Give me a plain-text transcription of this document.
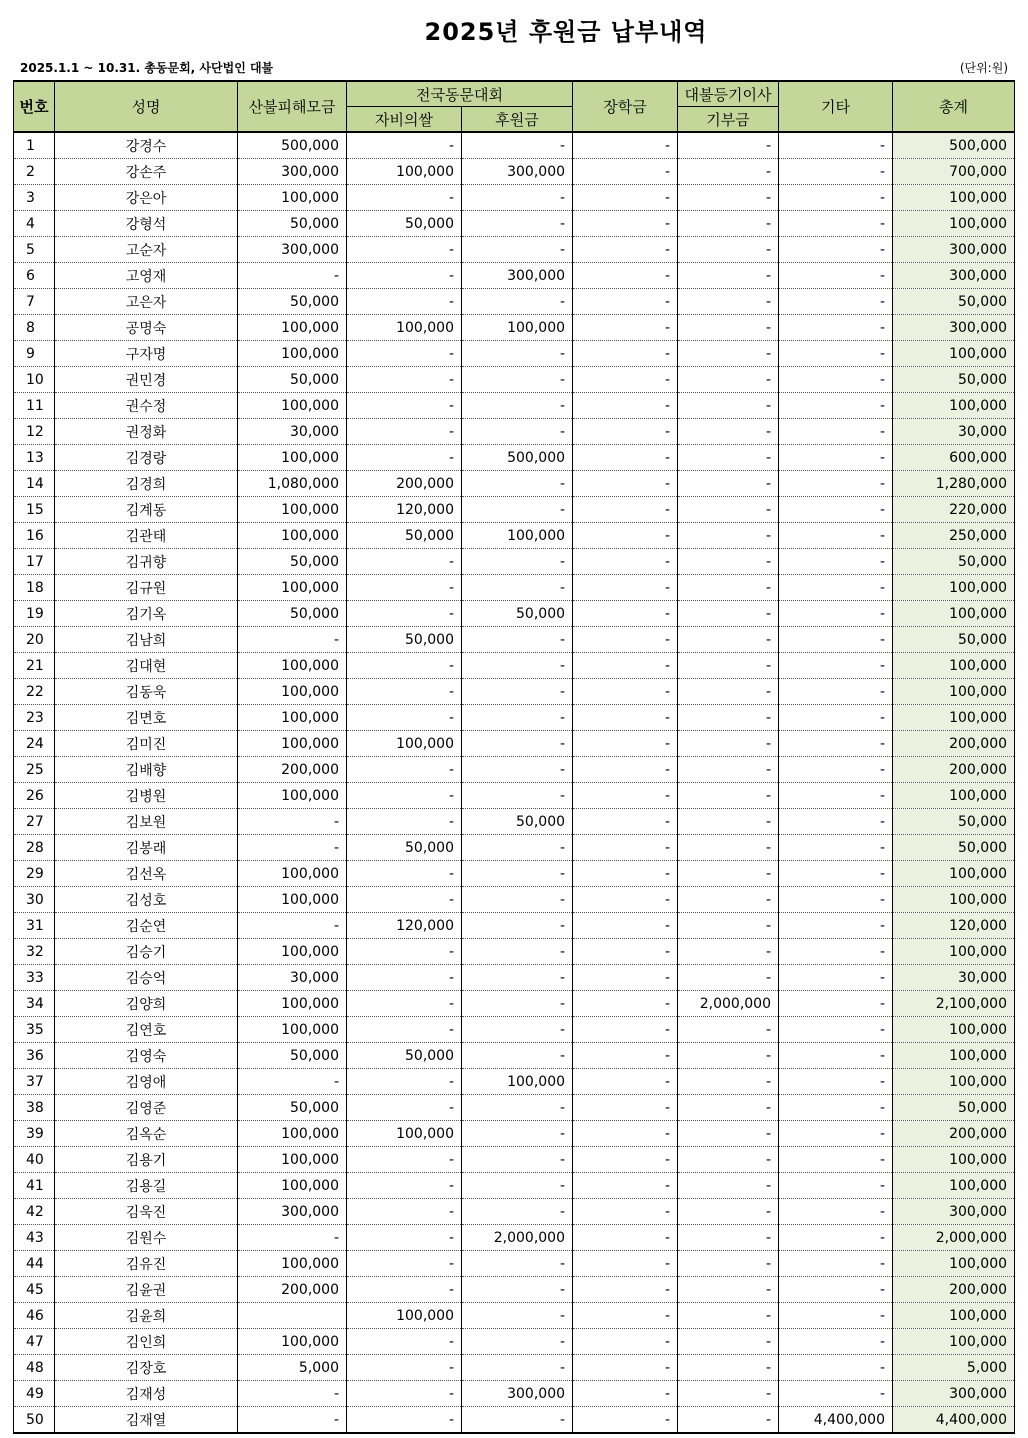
2025년 후원금 납부내역
2025.1.1 ~ 10.31. 총동문회, 사단법인 대불	(단위:원)
번호	성명	산불피해모금	전국동문대회		장학금	대불등기이사	기타	총계
			자비의쌀	후원금		기부금		
1	강경수	500,000	-	-	-	-	-	500,000
2	강손주	300,000	100,000	300,000	-	-	-	700,000
3	강은아	100,000	-	-	-	-	-	100,000
4	강형석	50,000	50,000	-	-	-	-	100,000
5	고순자	300,000	-	-	-	-	-	300,000
6	고영재	-	-	300,000	-	-	-	300,000
7	고은자	50,000	-	-	-	-	-	50,000
8	공명숙	100,000	100,000	100,000	-	-	-	300,000
9	구자명	100,000	-	-	-	-	-	100,000
10	권민경	50,000	-	-	-	-	-	50,000
11	권수정	100,000	-	-	-	-	-	100,000
12	권정화	30,000	-	-	-	-	-	30,000
13	김경랑	100,000	-	500,000	-	-	-	600,000
14	김경희	1,080,000	200,000	-	-	-	-	1,280,000
15	김계동	100,000	120,000	-	-	-	-	220,000
16	김관태	100,000	50,000	100,000	-	-	-	250,000
17	김귀향	50,000	-	-	-	-	-	50,000
18	김규원	100,000	-	-	-	-	-	100,000
19	김기옥	50,000	-	50,000	-	-	-	100,000
20	김남희	-	50,000	-	-	-	-	50,000
21	김대현	100,000	-	-	-	-	-	100,000
22	김동욱	100,000	-	-	-	-	-	100,000
23	김면호	100,000	-	-	-	-	-	100,000
24	김미진	100,000	100,000	-	-	-	-	200,000
25	김배향	200,000	-	-	-	-	-	200,000
26	김병원	100,000	-	-	-	-	-	100,000
27	김보원	-	-	50,000	-	-	-	50,000
28	김봉래	-	50,000	-	-	-	-	50,000
29	김선옥	100,000	-	-	-	-	-	100,000
30	김성호	100,000	-	-	-	-	-	100,000
31	김순연	-	120,000	-	-	-	-	120,000
32	김승기	100,000	-	-	-	-	-	100,000
33	김승억	30,000	-	-	-	-	-	30,000
34	김양희	100,000	-	-	-	2,000,000	-	2,100,000
35	김연호	100,000	-	-	-	-	-	100,000
36	김영숙	50,000	50,000	-	-	-	-	100,000
37	김영애	-	-	100,000	-	-	-	100,000
38	김영준	50,000	-	-	-	-	-	50,000
39	김옥순	100,000	100,000	-	-	-	-	200,000
40	김용기	100,000	-	-	-	-	-	100,000
41	김용길	100,000	-	-	-	-	-	100,000
42	김욱진	300,000	-	-	-	-	-	300,000
43	김원수	-	-	2,000,000	-	-	-	2,000,000
44	김유진	100,000	-	-	-	-	-	100,000
45	김윤권	200,000	-	-	-	-	-	200,000
46	김윤희		100,000	-	-	-	-	100,000
47	김인희	100,000	-	-	-	-	-	100,000
48	김장호	5,000	-	-	-	-	-	5,000
49	김재성	-	-	300,000	-	-	-	300,000
50	김재열	-	-	-	-	-	4,400,000	4,400,000
